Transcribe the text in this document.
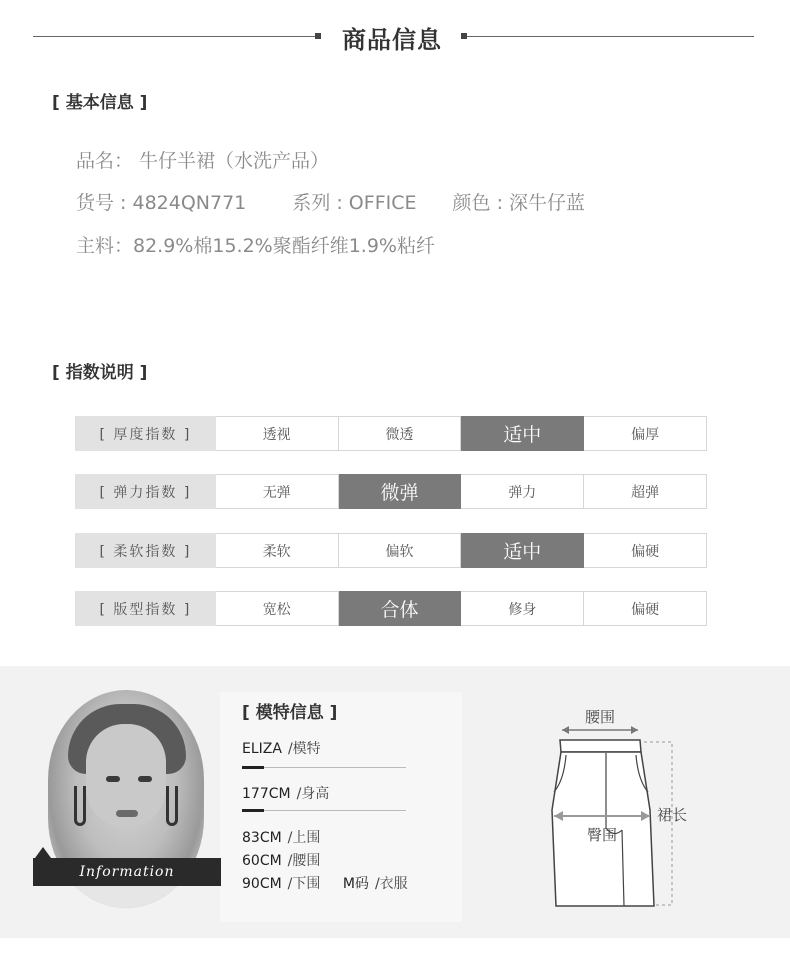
商品信息
[ 基本信息 ]
品名： 牛仔半裙（水洗产品）
货号 : 4824QN771 系列 : OFFICE 颜色 : 深牛仔蓝
主料：82.9%棉15.2%聚酯纤维1.9%粘纤
[ 指数说明 ]
[ 厚度指数 ]	透视	微透	适中	偏厚
[ 弹力指数 ]	无弹	微弹	弹力	超弹
[ 柔软指数 ]	柔软	偏软	适中	偏硬
[ 版型指数 ]	宽松	合体	修身	偏硬
Information
[ 模特信息 ]
ELIZA /模特
177CM /身高
83CM /上围
60CM /腰围
90CM /下围 M码 /衣服
腰围
裙长
臀围
